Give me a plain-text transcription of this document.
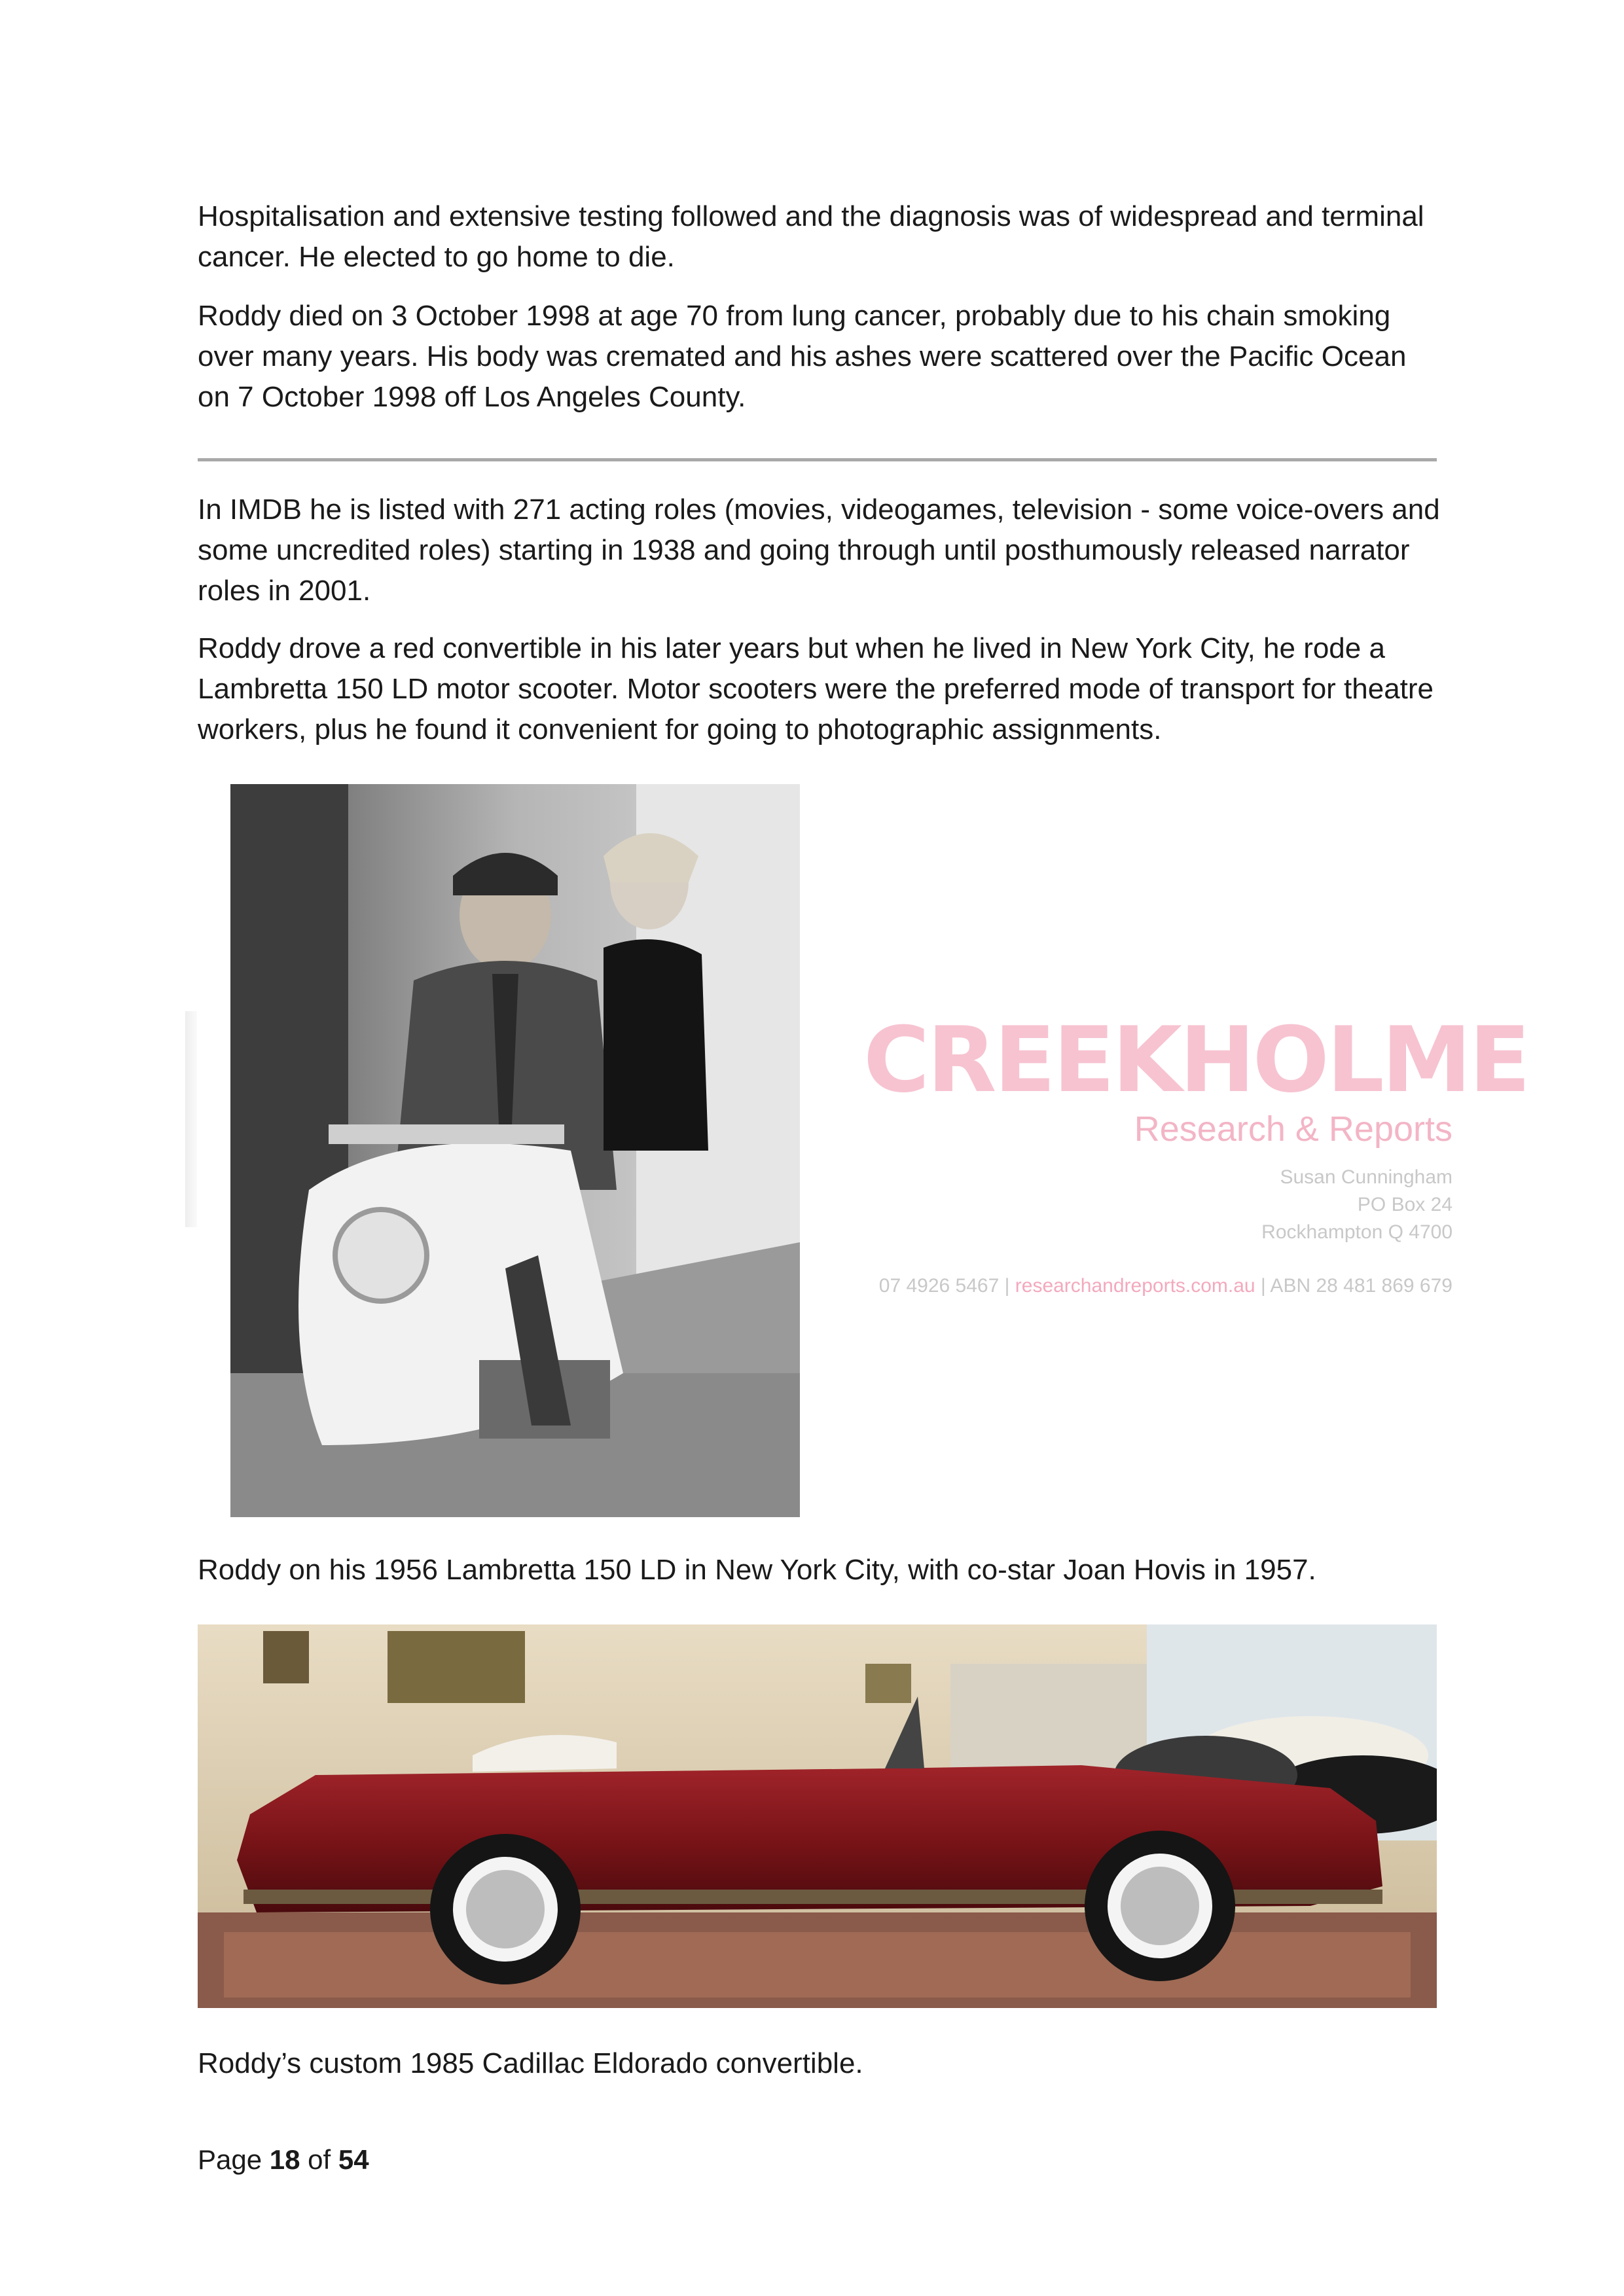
Hospitalisation and extensive testing followed and the diagnosis was of widespread and terminal cancer. He elected to go home to die.

Roddy died on 3 October 1998 at age 70 from lung cancer, probably due to his chain smoking over many years. His body was cremated and his ashes were scattered over the Pacific Ocean on 7 October 1998 off Los Angeles County.

In IMDB he is listed with 271 acting roles (movies, videogames, television - some voice-overs and some uncredited roles) starting in 1938 and going through until posthumously released narrator roles in 2001.

Roddy drove a red convertible in his later years but when he lived in New York City, he rode a Lambretta 150 LD motor scooter. Motor scooters were the preferred mode of transport for theatre workers, plus he found it convenient for going to photographic assignments.

CREEKHOLME
Research & Reports
Susan Cunningham
PO Box 24
Rockhampton Q 4700
07 4926 5467 | researchandreports.com.au | ABN 28 481 869 679

Roddy on his 1956 Lambretta 150 LD in New York City, with co-star Joan Hovis in 1957.

Roddy’s custom 1985 Cadillac Eldorado convertible.

Page 18 of 54
